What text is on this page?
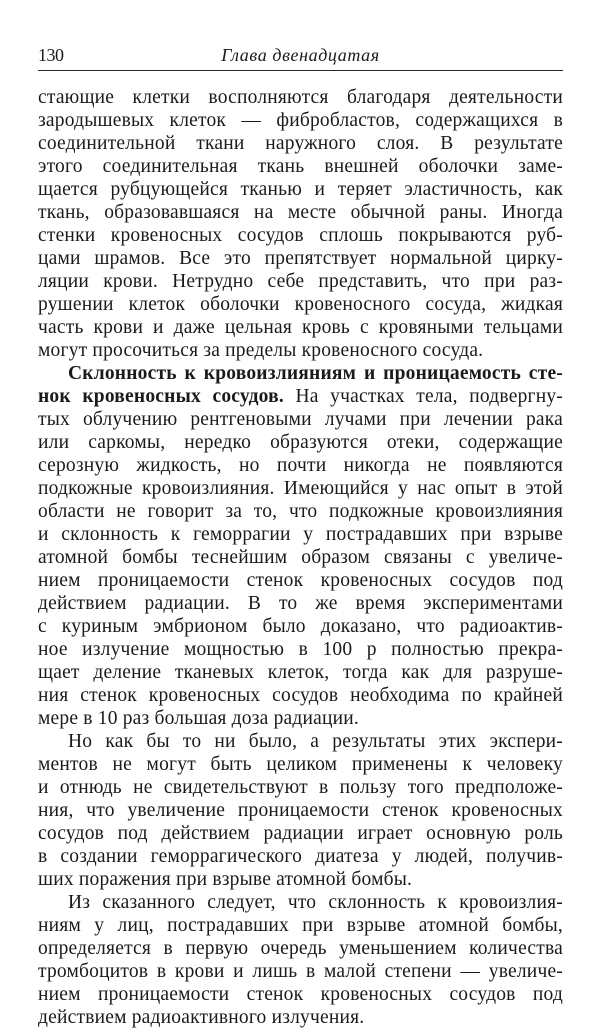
130	Глава двенадцатая
стающие клетки восполняются благодаря деятельности
зародышевых клеток — фибробластов, содержащихся в
соединительной ткани наружного слоя. В результате
этого соединительная ткань внешней оболочки заме-
щается рубцующейся тканью и теряет эластичность, как
ткань, образовавшаяся на месте обычной раны. Иногда
стенки кровеносных сосудов сплошь покрываются руб-
цами шрамов. Все это препятствует нормальной цирку-
ляции крови. Нетрудно себе представить, что при раз-
рушении клеток оболочки кровеносного сосуда, жидкая
часть крови и даже цельная кровь с кровяными тельцами
могут просочиться за пределы кровеносного сосуда.
Склонность к кровоизлияниям и проницаемость сте-
нок кровеносных сосудов. На участках тела, подвергну-
тых облучению рентгеновыми лучами при лечении рака
или саркомы, нередко образуются отеки, содержащие
серозную жидкость, но почти никогда не появляются
подкожные кровоизлияния. Имеющийся у нас опыт в этой
области не говорит за то, что подкожные кровоизлияния
и склонность к геморрагии у пострадавших при взрыве
атомной бомбы теснейшим образом связаны с увеличе-
нием проницаемости стенок кровеносных сосудов под
действием радиации. В то же время экспериментами
с куриным эмбрионом было доказано, что радиоактив-
ное излучение мощностью в 100 р полностью прекра-
щает деление тканевых клеток, тогда как для разруше-
ния стенок кровеносных сосудов необходима по крайней
мере в 10 раз большая доза радиации.
Но как бы то ни было, а результаты этих экспери-
ментов не могут быть целиком применены к человеку
и отнюдь не свидетельствуют в пользу того предположе-
ния, что увеличение проницаемости стенок кровеносных
сосудов под действием радиации играет основную роль
в создании геморрагического диатеза у людей, получив-
ших поражения при взрыве атомной бомбы.
Из сказанного следует, что склонность к кровоизлия-
ниям у лиц, пострадавших при взрыве атомной бомбы,
определяется в первую очередь уменьшением количества
тромбоцитов в крови и лишь в малой степени — увеличе-
нием проницаемости стенок кровеносных сосудов под
действием радиоактивного излучения.
